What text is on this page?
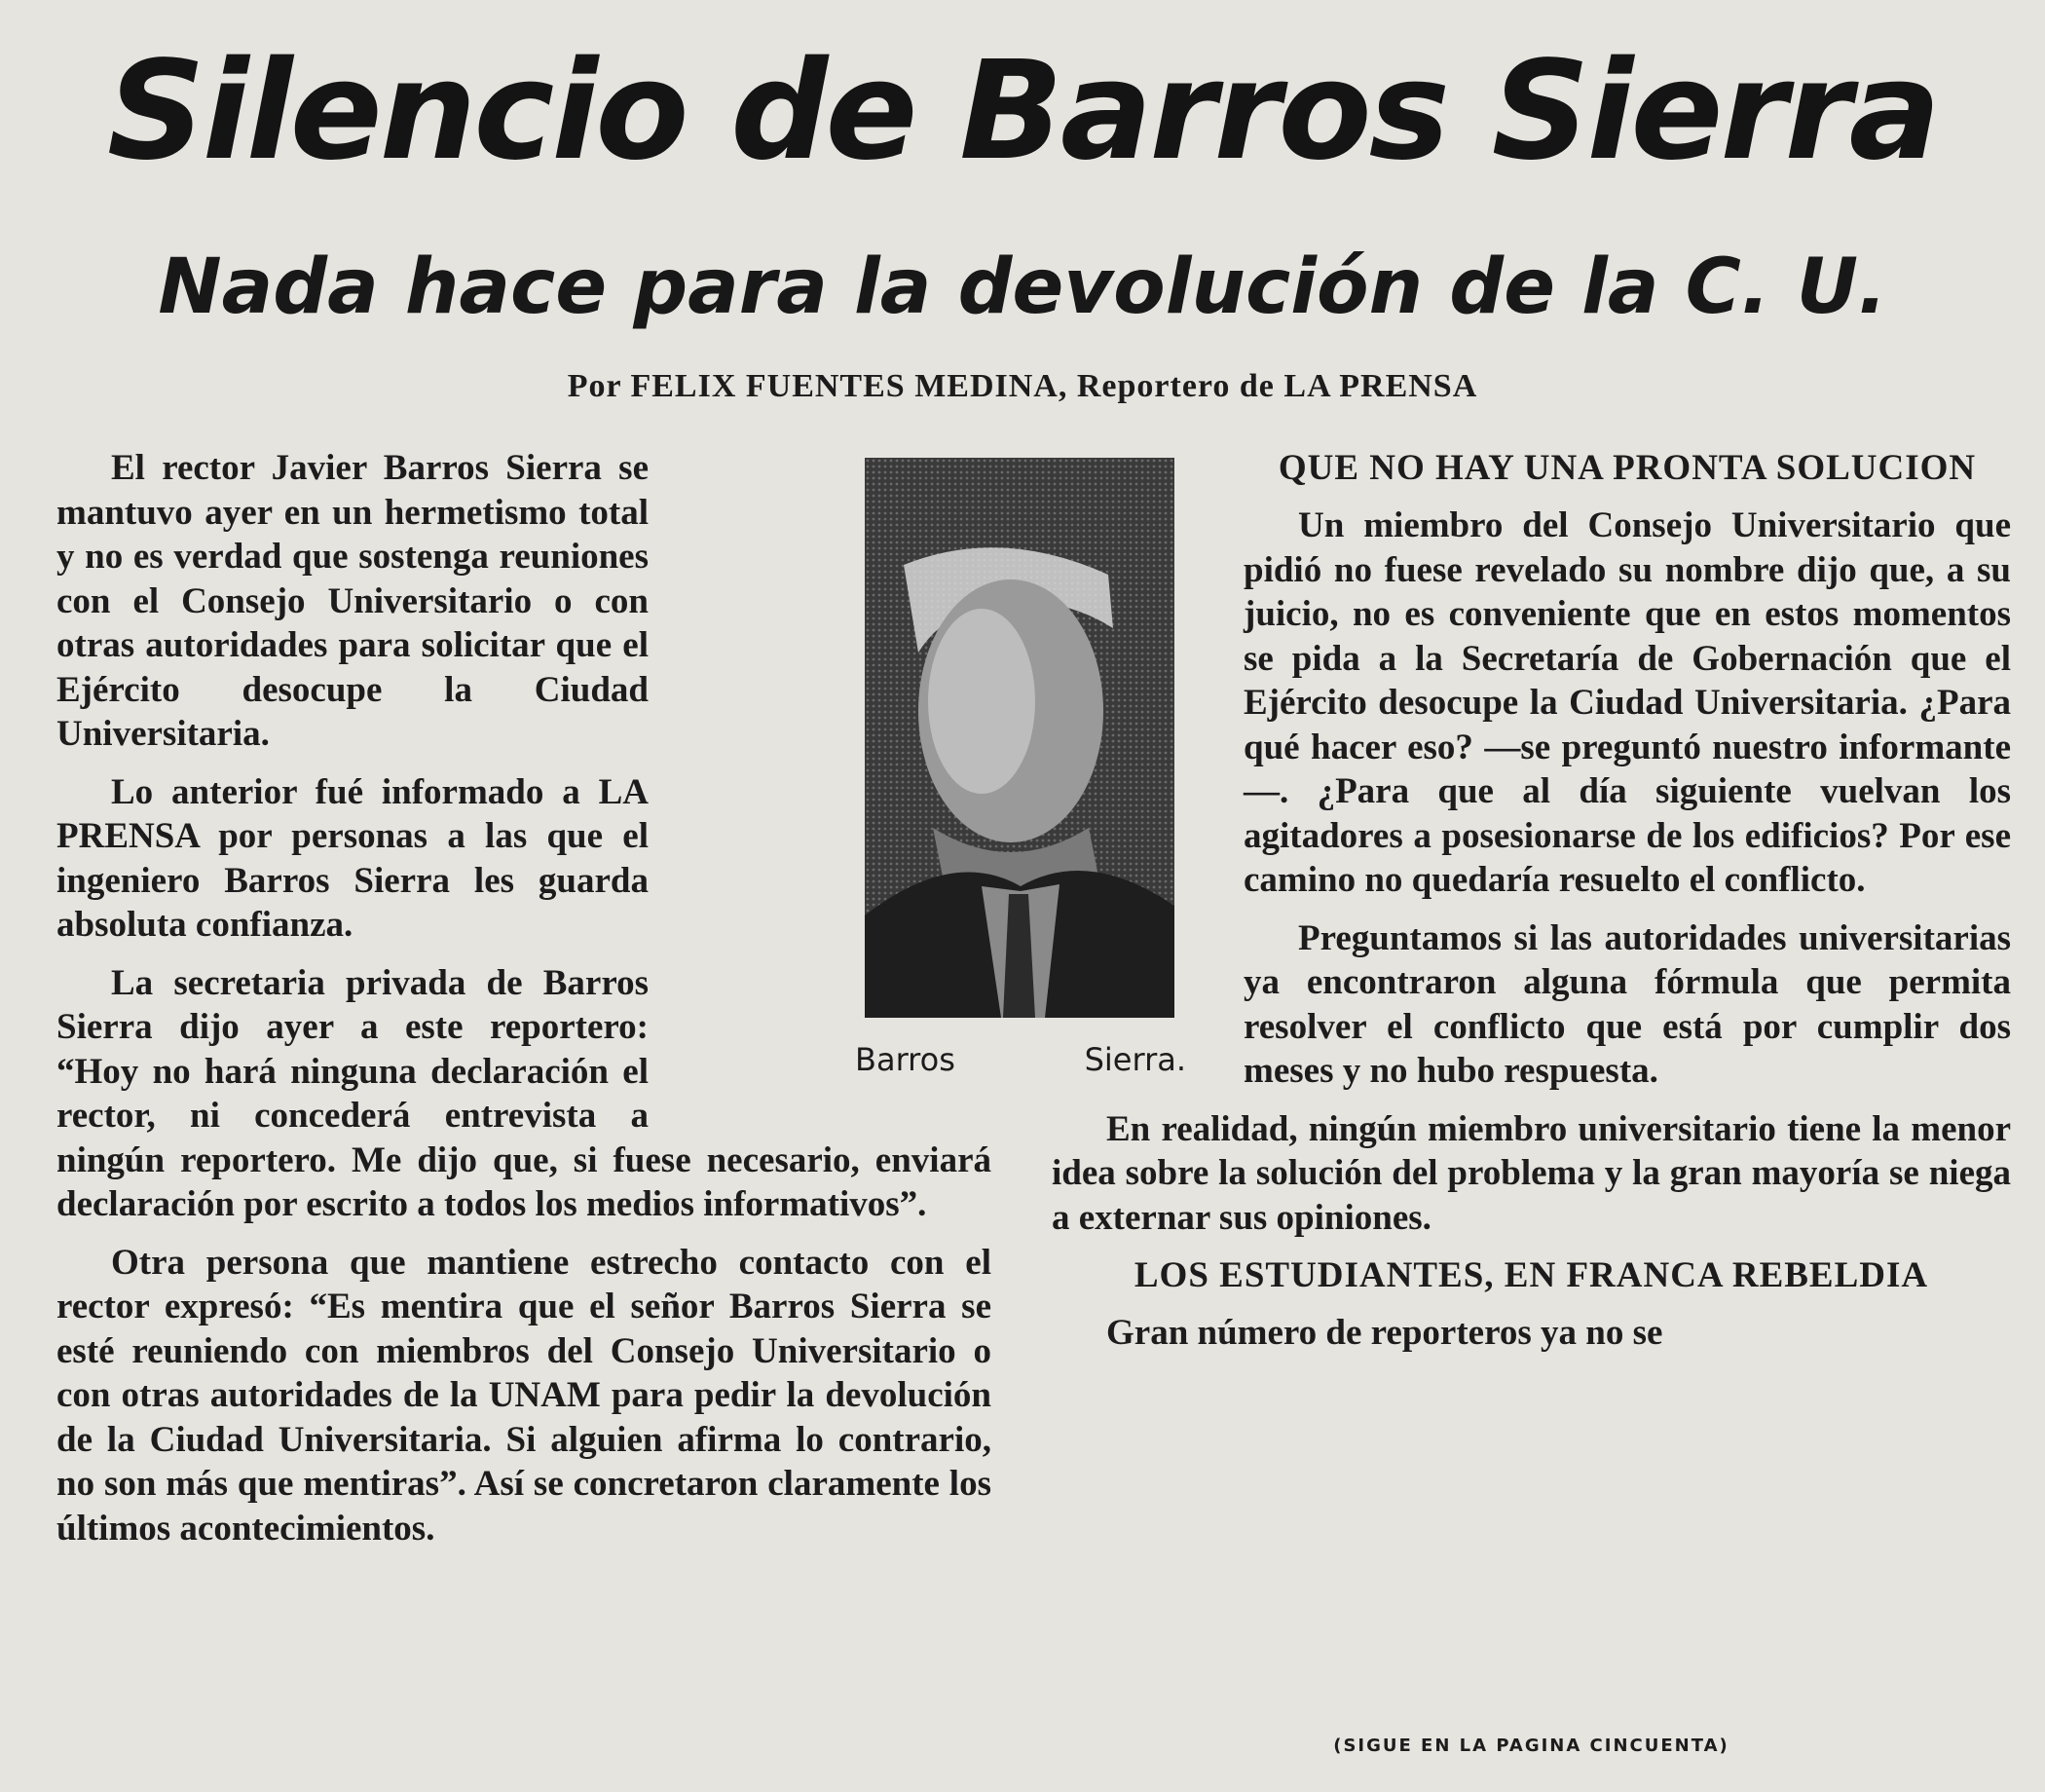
Silencio de Barros Sierra
Nada hace para la devolución de la C. U.
Por FELIX FUENTES MEDINA, Reportero de LA PRENSA

El rector Javier Barros Sierra se mantuvo ayer en un hermetismo total y no es verdad que sostenga reuniones con el Consejo Universitario o con otras autoridades para solicitar que el Ejército desocupe la Ciudad Universitaria.

Lo anterior fué informado a LA PRENSA por personas a las que el ingeniero Barros Sierra les guarda absoluta confianza.

La secretaria privada de Barros Sierra dijo ayer a este reportero: “Hoy no hará ninguna declaración el rector, ni concederá entrevista a ningún reportero. Me dijo que, si fuese necesario, enviará declaración por escrito a todos los medios informativos”.

Otra persona que mantiene estrecho contacto con el rector expresó: “Es mentira que el señor Barros Sierra se esté reuniendo con miembros del Consejo Universitario o con otras autoridades de la UNAM para pedir la devolución de la Ciudad Universitaria. Si alguien afirma lo contrario, no son más que mentiras”. Así se concretaron claramente los últimos acontecimientos.

Barros	Sierra.
QUE NO HAY UNA PRONTA SOLUCION

Un miembro del Consejo Universitario que pidió no fuese revelado su nombre dijo que, a su juicio, no es conveniente que en estos momentos se pida a la Secretaría de Gobernación que el Ejército desocupe la Ciudad Universitaria. ¿Para qué hacer eso? —se preguntó nuestro informante—. ¿Para que al día siguiente vuelvan los agitadores a posesionarse de los edificios? Por ese camino no quedaría resuelto el conflicto.

Preguntamos si las autoridades universitarias ya encontraron alguna fórmula que permita resolver el conflicto que está por cumplir dos meses y no hubo respuesta.

En realidad, ningún miembro universitario tiene la menor idea sobre la solución del problema y la gran mayoría se niega a externar sus opiniones.

LOS ESTUDIANTES, EN FRANCA REBELDIA

Gran número de reporteros ya no se

(SIGUE EN LA PAGINA CINCUENTA)
